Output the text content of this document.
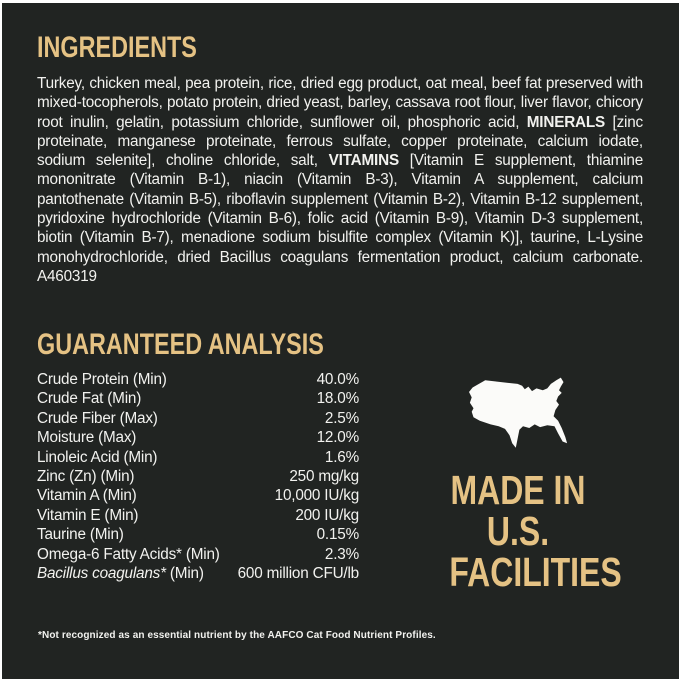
INGREDIENTS

Turkey, chicken meal, pea protein, rice, dried egg product, oat meal, beef fat preserved with mixed-tocopherols, potato protein, dried yeast, barley, cassava root flour, liver flavor, chicory root inulin, gelatin, potassium chloride, sunflower oil, phosphoric acid, MINERALS [zinc proteinate, manganese proteinate, ferrous sulfate, copper proteinate, calcium iodate, sodium selenite], choline chloride, salt, VITAMINS [Vitamin E supplement, thiamine mononitrate (Vitamin B-1), niacin (Vitamin B-3), Vitamin A supplement, calcium pantothenate (Vitamin B-5), riboflavin supplement (Vitamin B-2), Vitamin B-12 supplement, pyridoxine hydrochloride (Vitamin B-6), folic acid (Vitamin B-9), Vitamin D-3 supplement, biotin (Vitamin B-7), menadione sodium bisulfite complex (Vitamin K)], taurine, L-Lysine monohydrochloride, dried Bacillus coagulans fermentation product, calcium carbonate. A460319

GUARANTEED ANALYSIS
Crude Protein (Min)	40.0%
Crude Fat (Min)	18.0%
Crude Fiber (Max)	2.5%
Moisture (Max)	12.0%
Linoleic Acid (Min)	1.6%
Zinc (Zn) (Min)	250 mg/kg
Vitamin A (Min)	10,000 IU/kg
Vitamin E (Min)	200 IU/kg
Taurine (Min)	0.15%
Omega-6 Fatty Acids* (Min)	2.3%
Bacillus coagulans* (Min)	600 million CFU/lb
MADE IN
U.S.
FACILITIES
*Not recognized as an essential nutrient by the AAFCO Cat Food Nutrient Profiles.
